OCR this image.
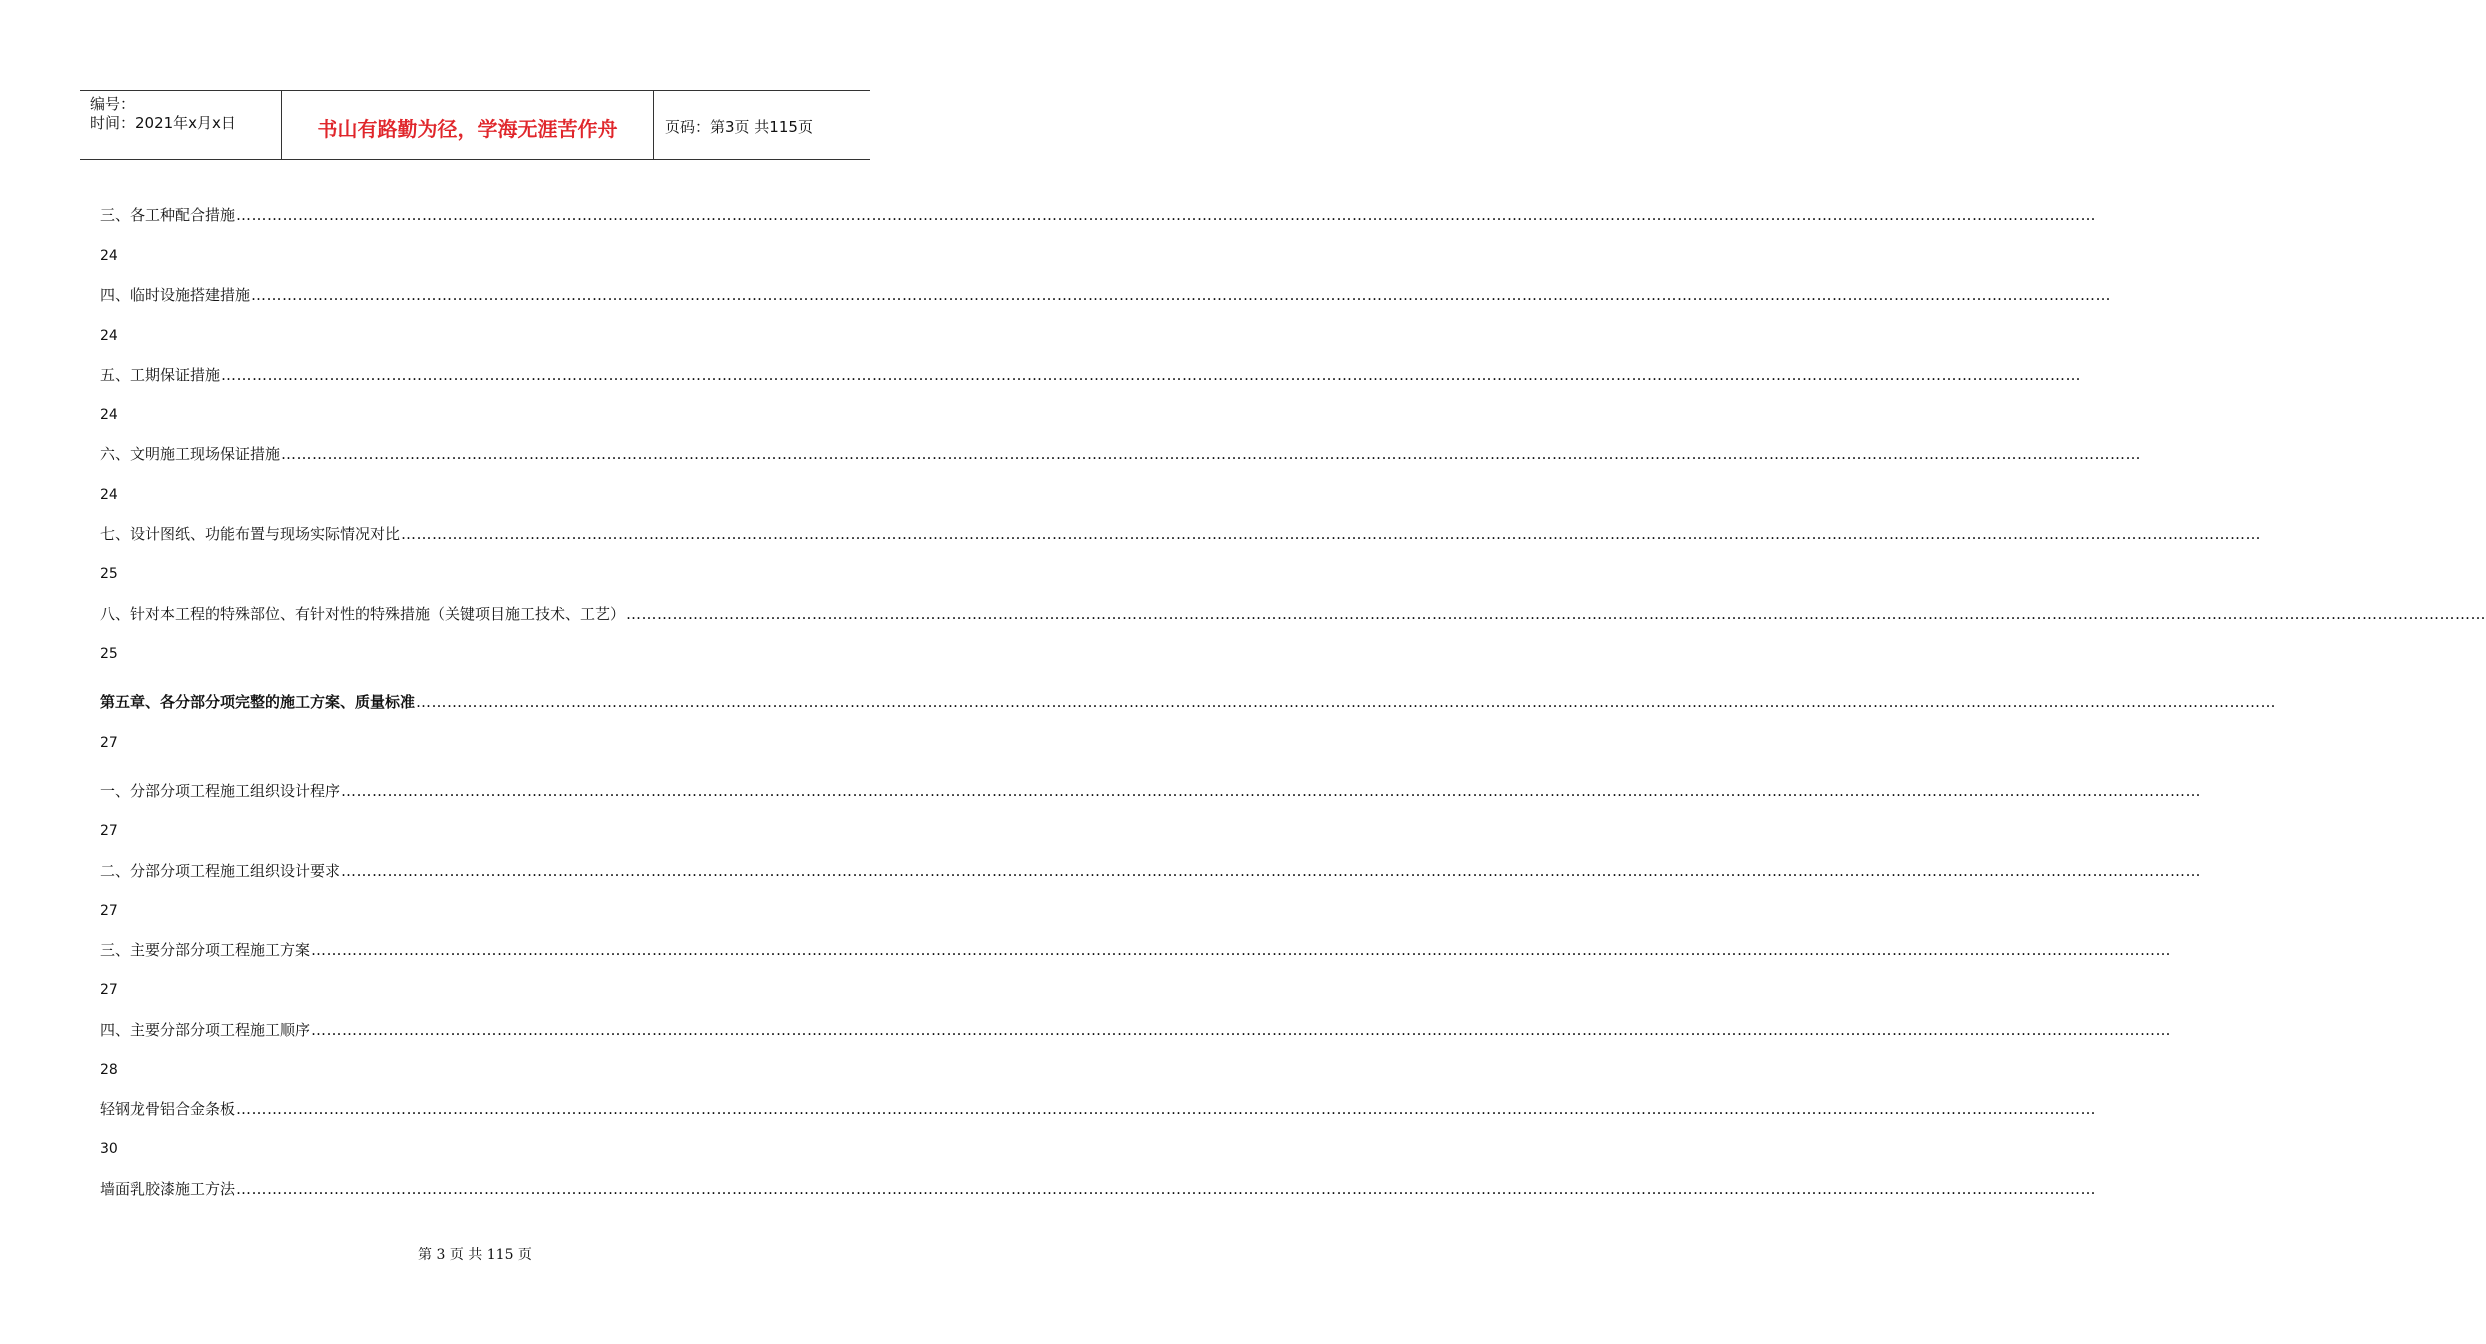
编号：
时间：2021年x月x日	书山有路勤为径，学海无涯苦作舟	页码：第3页 共115页
三、各工种配合措施 ………………………………………………………………………………………………………………………………………………………………………………………………………………………………………………………………………………………………………………………………
24
四、临时设施搭建措施 ………………………………………………………………………………………………………………………………………………………………………………………………………………………………………………………………………………………………………………………………
24
五、工期保证措施 ………………………………………………………………………………………………………………………………………………………………………………………………………………………………………………………………………………………………………………………………
24
六、文明施工现场保证措施 ………………………………………………………………………………………………………………………………………………………………………………………………………………………………………………………………………………………………………………………………
24
七、设计图纸、功能布置与现场实际情况对比 ………………………………………………………………………………………………………………………………………………………………………………………………………………………………………………………………………………………………………………………………
25
八、针对本工程的特殊部位、有针对性的特殊措施（关键项目施工技术、工艺） ………………………………………………………………………………………………………………………………………………………………………………………………………………………………………………………………………………………………………………………………
25
第五章、各分部分项完整的施工方案、质量标准 ………………………………………………………………………………………………………………………………………………………………………………………………………………………………………………………………………………………………………………………………
27
一、分部分项工程施工组织设计程序 ………………………………………………………………………………………………………………………………………………………………………………………………………………………………………………………………………………………………………………………………
27
二、分部分项工程施工组织设计要求 ………………………………………………………………………………………………………………………………………………………………………………………………………………………………………………………………………………………………………………………………
27
三、主要分部分项工程施工方案 ………………………………………………………………………………………………………………………………………………………………………………………………………………………………………………………………………………………………………………………………
27
四、主要分部分项工程施工顺序 ………………………………………………………………………………………………………………………………………………………………………………………………………………………………………………………………………………………………………………………………
28
轻钢龙骨铝合金条板 ………………………………………………………………………………………………………………………………………………………………………………………………………………………………………………………………………………………………………………………………
30
墙面乳胶漆施工方法 ………………………………………………………………………………………………………………………………………………………………………………………………………………………………………………………………………………………………………………………………
第 3 页 共 115 页
